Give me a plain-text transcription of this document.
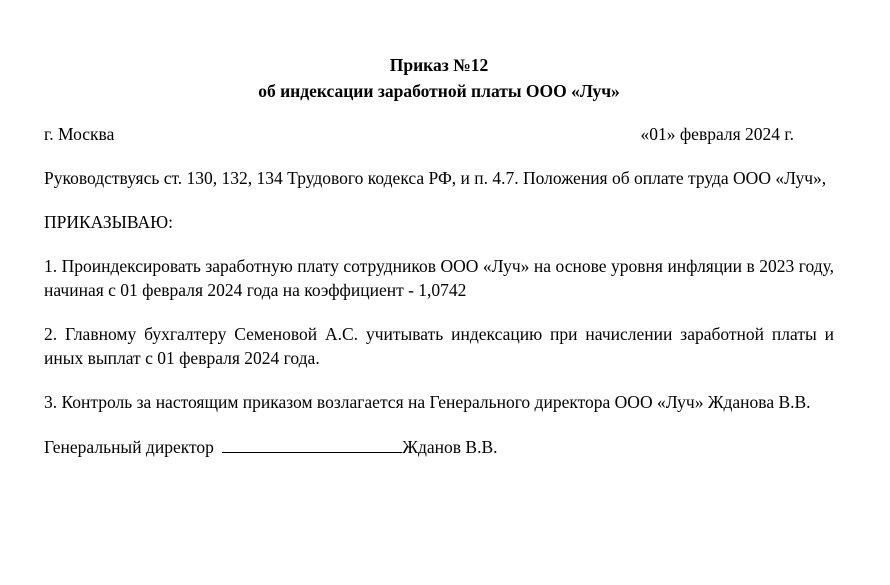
Приказ №12
об индексации заработной платы ООО «Луч»
г. Москва	«01» февраля 2024 г.

Руководствуясь ст. 130, 132, 134 Трудового кодекса РФ, и п. 4.7. Положения об оплате труда ООО «Луч»,

ПРИКАЗЫВАЮ:

1. Проиндексировать заработную плату сотрудников ООО «Луч» на основе уровня инфляции в 2023 году, начиная с 01 февраля 2024 года на коэффициент - 1,0742

2. Главному бухгалтеру Семеновой А.С. учитывать индексацию при начислении заработной платы и иных выплат с 01 февраля 2024 года.

3. Контроль за настоящим приказом возлагается на Генерального директора ООО «Луч» Жданова В.В.

Генеральный директор	Жданов В.В.
